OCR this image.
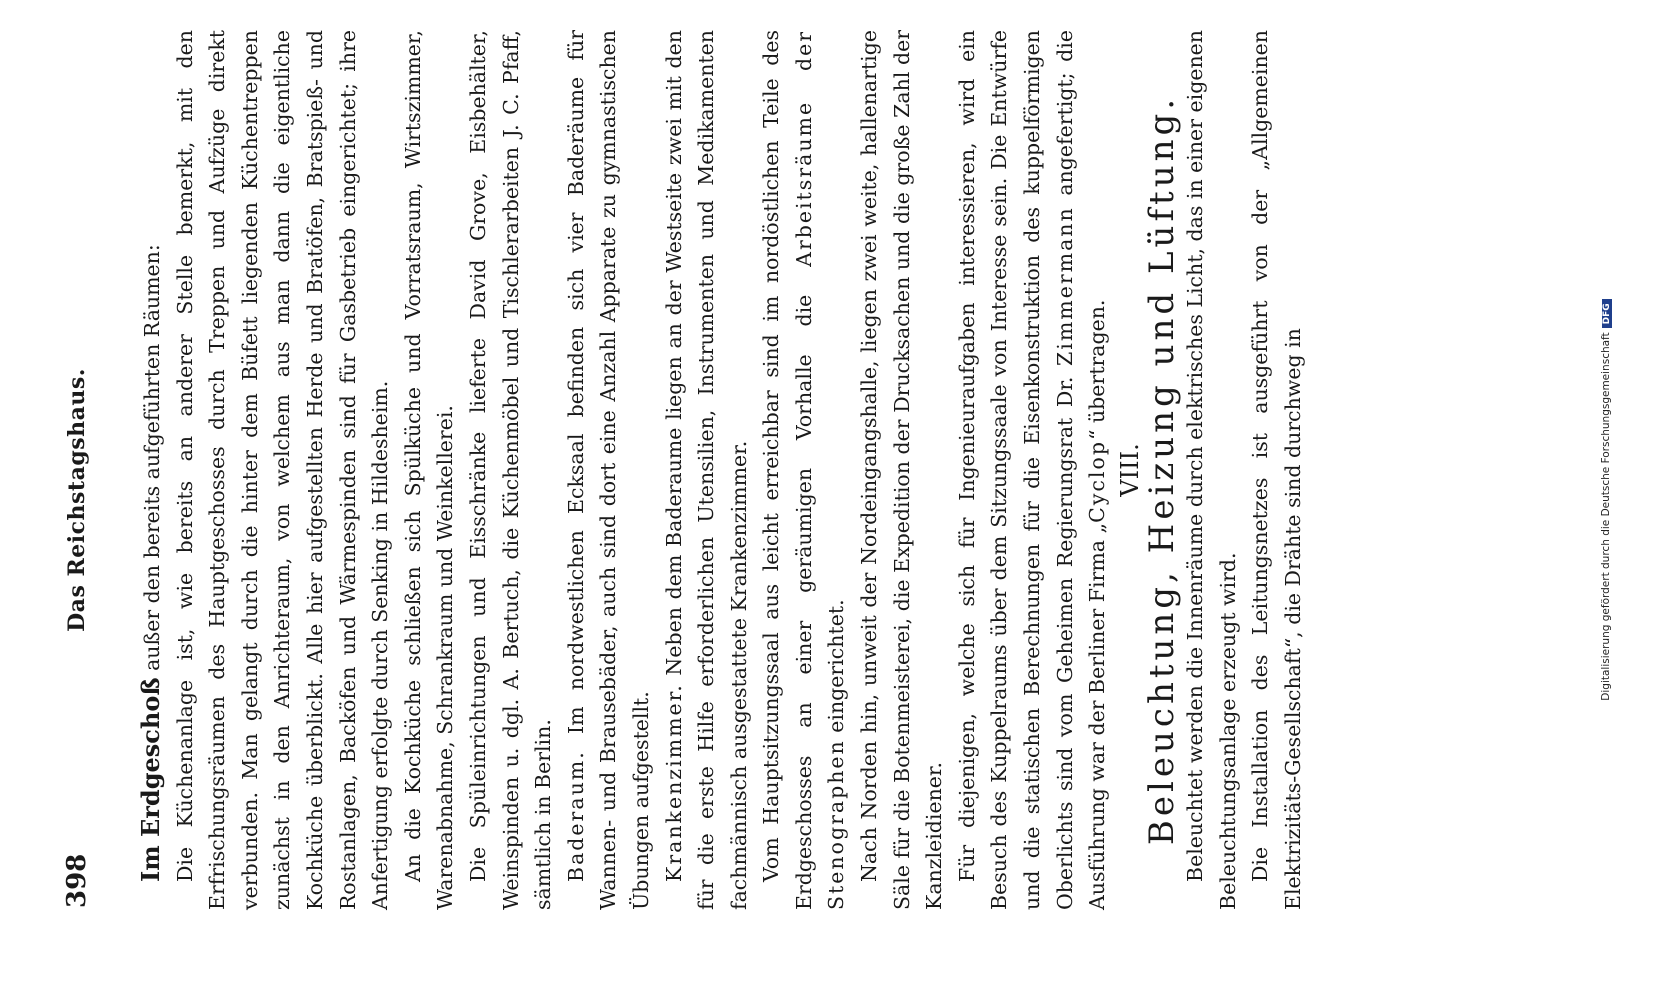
398
Das Reichstagshaus.

Im Erdgeschoß außer den bereits aufgeführten Räumen: Die Küchenanlage ist, wie bereits an anderer Stelle bemerkt, mit den Erfrischungsräumen des Hauptgeschosses durch Treppen und Aufzüge direkt verbunden. Man gelangt durch die hinter dem Büfett liegenden Küchentreppen zunächst in den Anrichteraum, von welchem aus man dann die eigentliche Kochküche überblickt. Alle hier aufgestellten Herde und Bratöfen, Bratspieß- und Rostanlagen, Backöfen und Wärmespinden sind für Gasbetrieb eingerichtet; ihre Anfertigung erfolgte durch Senking in Hildesheim. An die Kochküche schließen sich Spülküche und Vorratsraum, Wirtszimmer, Warenabnahme, Schrankraum und Weinkellerei. Die Spüleinrichtungen und Eisschränke lieferte David Grove, Eisbehälter, Weinspinden u. dgl. A. Bertuch, die Küchenmöbel und Tischlerarbeiten J. C. Pfaff, sämtlich in Berlin. Baderaum. Im nordwestlichen Ecksaal befinden sich vier Baderäume für Wannen- und Brausebäder, auch sind dort eine Anzahl Apparate zu gymnastischen Übungen aufgestellt. Krankenzimmer. Neben dem Baderaume liegen an der Westseite zwei mit den für die erste Hilfe erforderlichen Utensilien, Instrumenten und Medikamenten fachmännisch ausgestattete Krankenzimmer. Vom Hauptsitzungssaal aus leicht erreichbar sind im nordöstlichen Teile des Erdgeschosses an einer geräumigen Vorhalle die Arbeitsräume der Stenographen eingerichtet. Nach Norden hin, unweit der Nordeingangshalle, liegen zwei weite, hallenartige Säle für die Botenmeisterei, die Expedition der Drucksachen und die große Zahl der Kanzleidiener. Für diejenigen, welche sich für Ingenieuraufgaben interessieren, wird ein Besuch des Kuppelraums über dem Sitzungssaale von Interesse sein. Die Entwürfe und die statischen Berechnungen für die Eisenkonstruktion des kuppelförmigen Oberlichts sind vom Geheimen Regierungsrat Dr. Zimmermann angefertigt; die Ausführung war der Berliner Firma „Cyclop“ übertragen.

VIII.

Beleuchtung, Heizung und Lüftung. Beleuchtet werden die Innenräume durch elektrisches Licht, das in einer eigenen Beleuchtungsanlage erzeugt wird. Die Installation des Leitungsnetzes ist ausgeführt von der „Allgemeinen Elektrizitäts-Gesellschaft“, die Drähte sind durchweg in	Digitalisierung gefördert durch die Deutsche ForschungsgemeinschaftDFG
